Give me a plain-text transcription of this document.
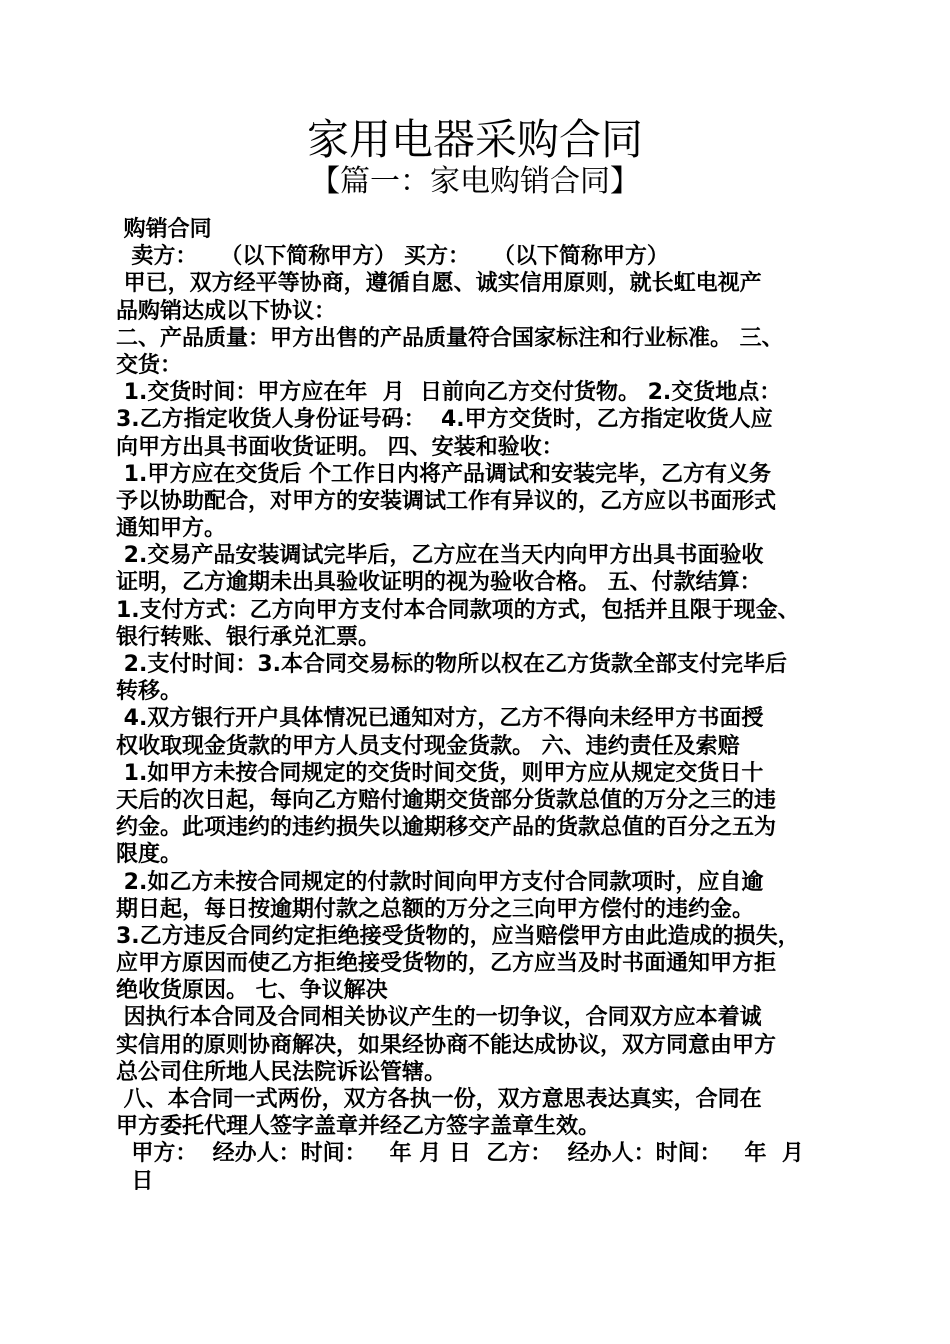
家用电器采购合同
【篇一：家电购销合同】
购销合同
卖方：   （以下简称甲方） 买方：   （以下简称甲方）
甲已，双方经平等协商，遵循自愿、诚实信用原则，就长虹电视产
品购销达成以下协议：
二、产品质量：甲方出售的产品质量符合国家标注和行业标准。 三、
交货：
1.交货时间：甲方应在年  月  日前向乙方交付货物。 2.交货地点：
3.乙方指定收货人身份证号码：  4.甲方交货时，乙方指定收货人应
向甲方出具书面收货证明。 四、安装和验收：
1.甲方应在交货后 个工作日内将产品调试和安装完毕，乙方有义务
予以协助配合，对甲方的安装调试工作有异议的，乙方应以书面形式
通知甲方。
2.交易产品安装调试完毕后，乙方应在当天内向甲方出具书面验收
证明，乙方逾期未出具验收证明的视为验收合格。 五、付款结算：
1.支付方式：乙方向甲方支付本合同款项的方式，包括并且限于现金、
银行转账、银行承兑汇票。
2.支付时间：3.本合同交易标的物所以权在乙方货款全部支付完毕后
转移。
4.双方银行开户具体情况已通知对方，乙方不得向未经甲方书面授
权收取现金货款的甲方人员支付现金货款。 六、违约责任及索赔
1.如甲方未按合同规定的交货时间交货，则甲方应从规定交货日十
天后的次日起，每向乙方赔付逾期交货部分货款总值的万分之三的违
约金。此项违约的违约损失以逾期移交产品的货款总值的百分之五为
限度。
2.如乙方未按合同规定的付款时间向甲方支付合同款项时，应自逾
期日起，每日按逾期付款之总额的万分之三向甲方偿付的违约金。
3.乙方违反合同约定拒绝接受货物的，应当赔偿甲方由此造成的损失，
应甲方原因而使乙方拒绝接受货物的，乙方应当及时书面通知甲方拒
绝收货原因。 七、争议解决
因执行本合同及合同相关协议产生的一切争议，合同双方应本着诚
实信用的原则协商解决，如果经协商不能达成协议，双方同意由甲方
总公司住所地人民法院诉讼管辖。
八、本合同一式两份，双方各执一份，双方意思表达真实，合同在
甲方委托代理人签字盖章并经乙方签字盖章生效。
甲方：  经办人：时间：   年 月 日  乙方：  经办人：时间：   年  月
日
